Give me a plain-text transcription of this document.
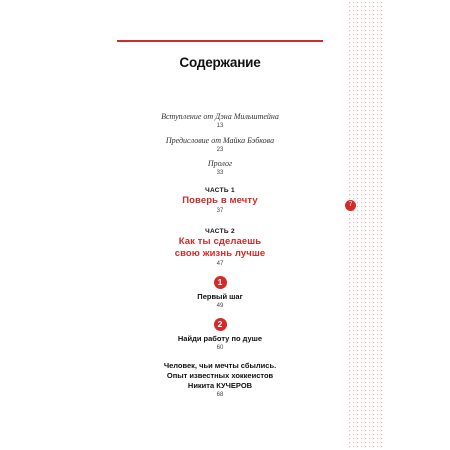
Содержание
Вступление от Дэна Мильштейна
13
Предисловие от Майка Бэбкова
23
Пролог
33
ЧАСТЬ 1
Поверь в мечту
37
ЧАСТЬ 2
Как ты сделаешь
свою жизнь лучше
47
1
Первый шаг
49
2
Найди работу по душе
60
Человек, чьи мечты сбылись.
Опыт известных хоккеистов
Никита КУЧЕРОВ
68
7
